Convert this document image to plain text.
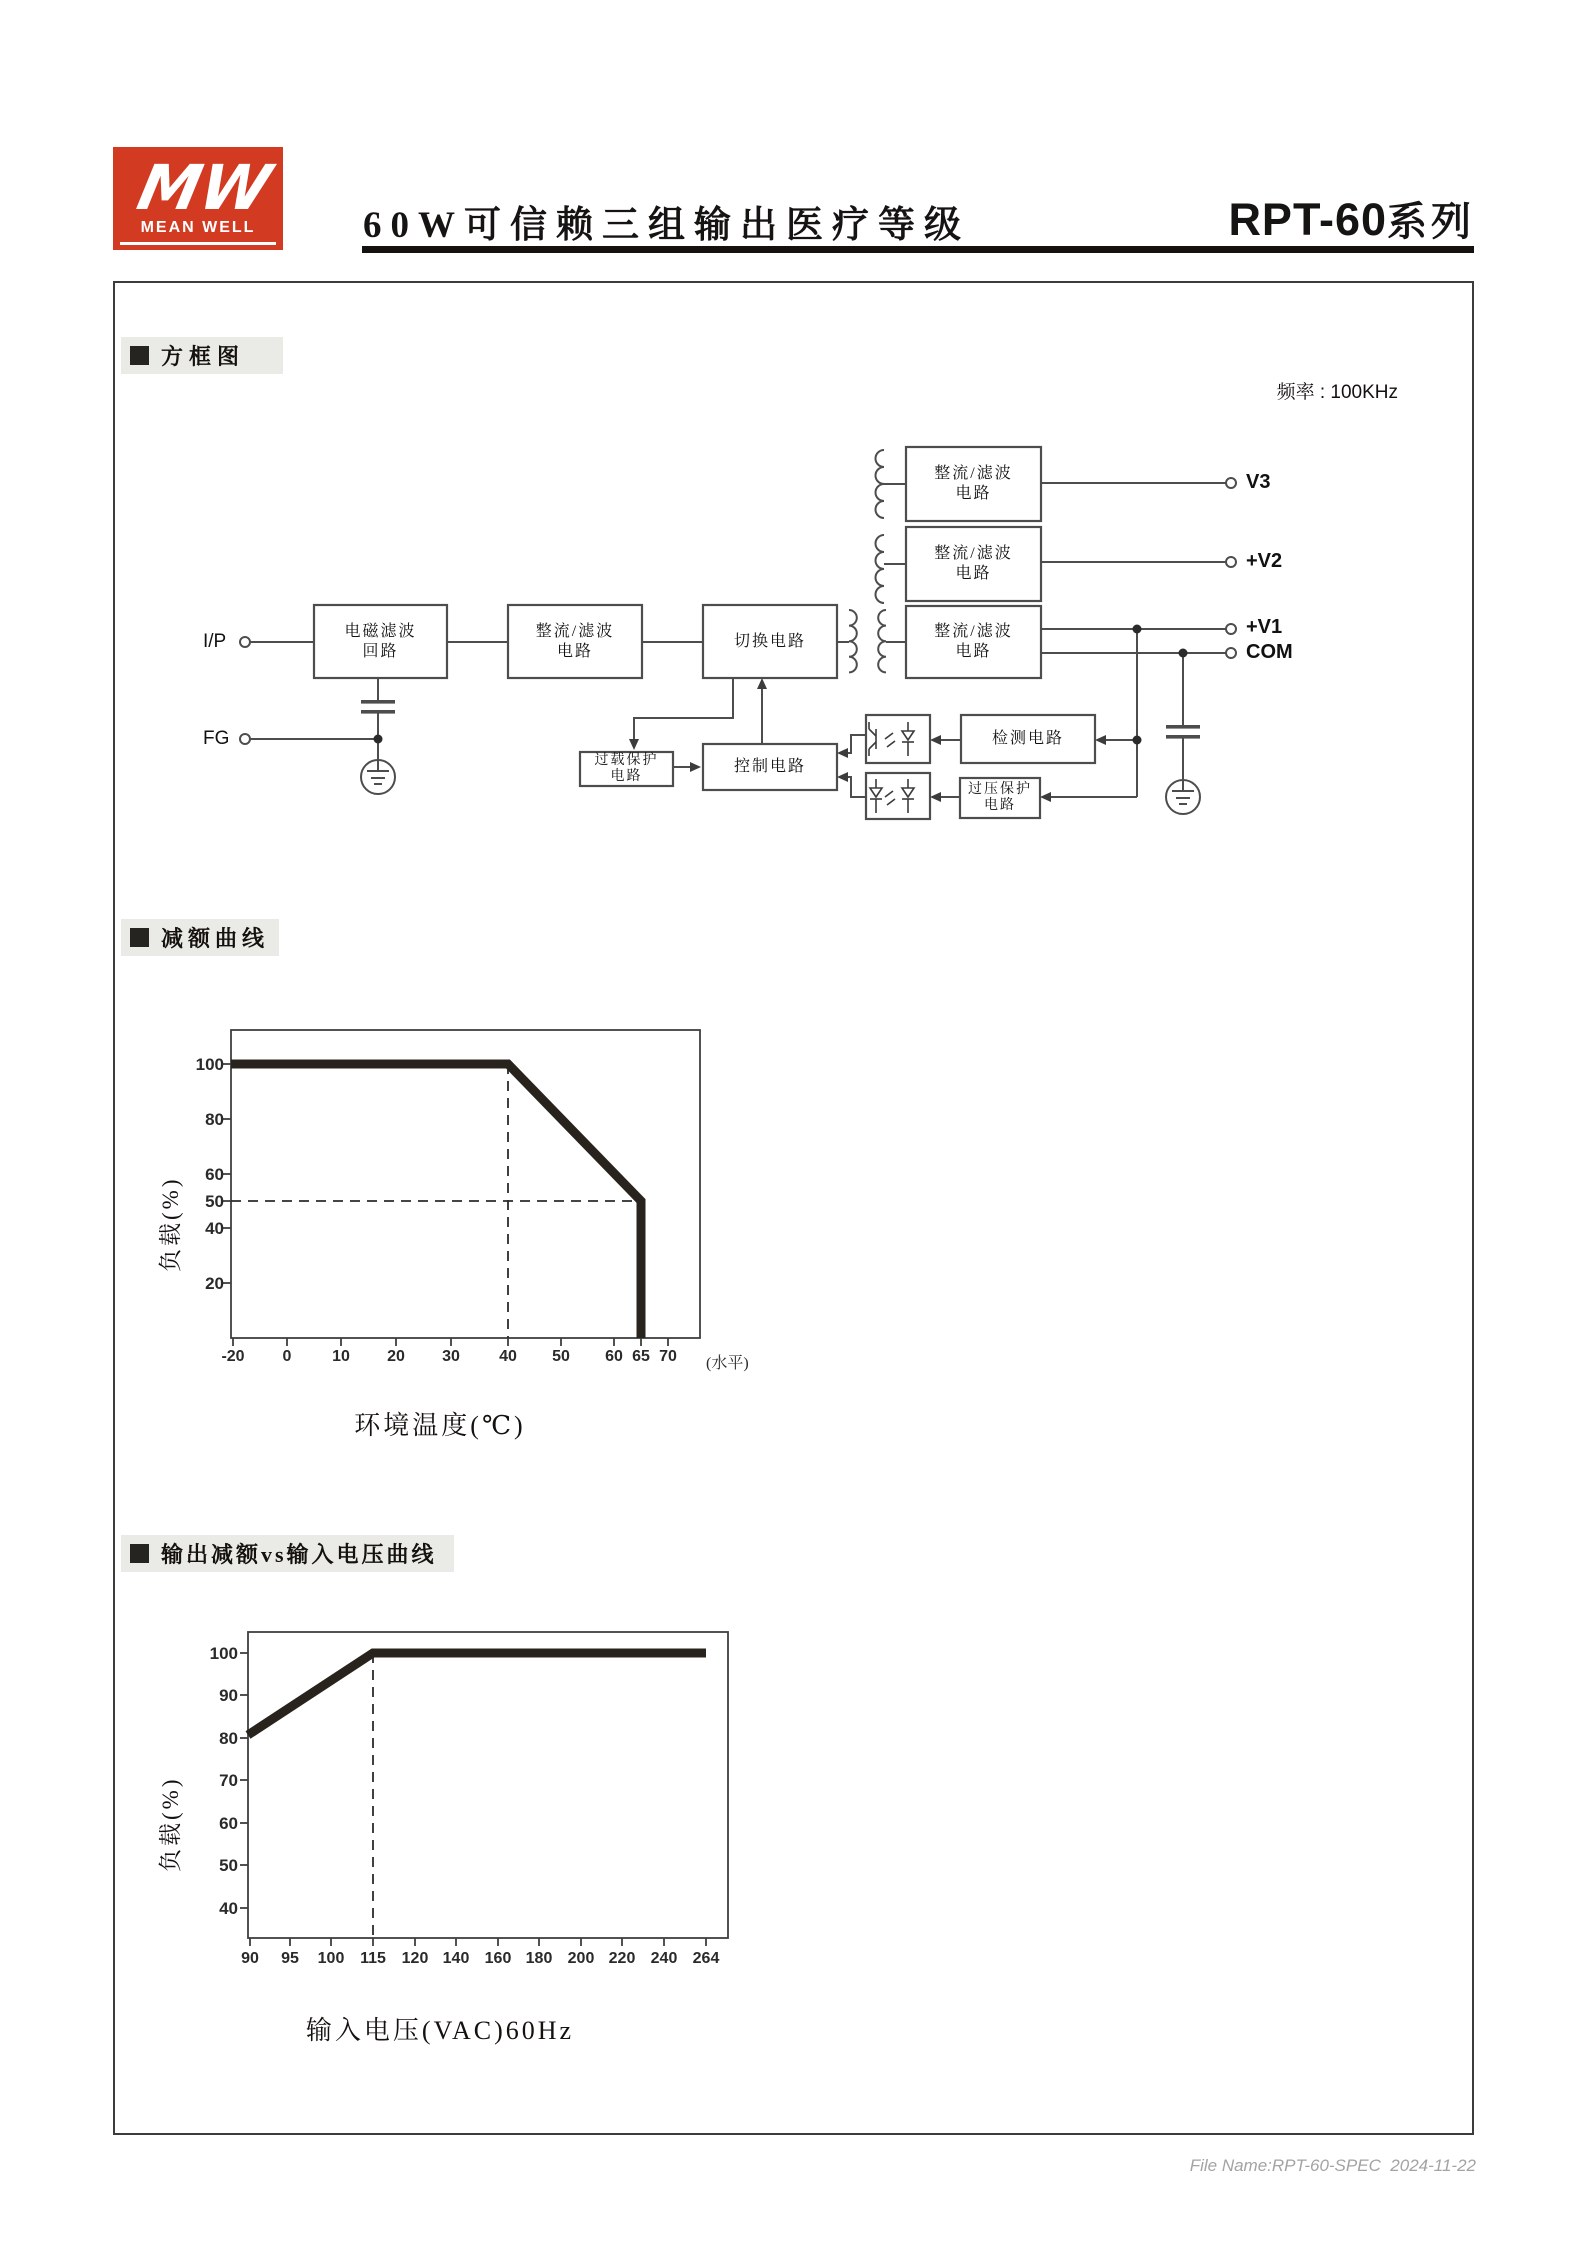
MW
MEAN WELL	60W可信赖三组输出医疗等级	RPT-60系列
方框图
减额曲线
输出减额vs输入电压曲线
频率 : 100KHz
I/P
FG
V3
+V2
+V1
COM
电磁滤波
回路
整流/滤波
电路
切换电路
整流/滤波
电路
整流/滤波
电路
整流/滤波
电路
检测电路
过载保护
电路
控制电路
过压保护
电路
100
80
60
50
40
20
-20	0	10	20	30	40	50	60 65 70	(水平)
环境温度(℃)
负载(%)
100
90
80
70
60
50
40
90	95	100 115 120 140 160 180 200 220 240 264
输入电压(VAC)60Hz
负载(%)
File Name:RPT-60-SPEC  2024-11-22
